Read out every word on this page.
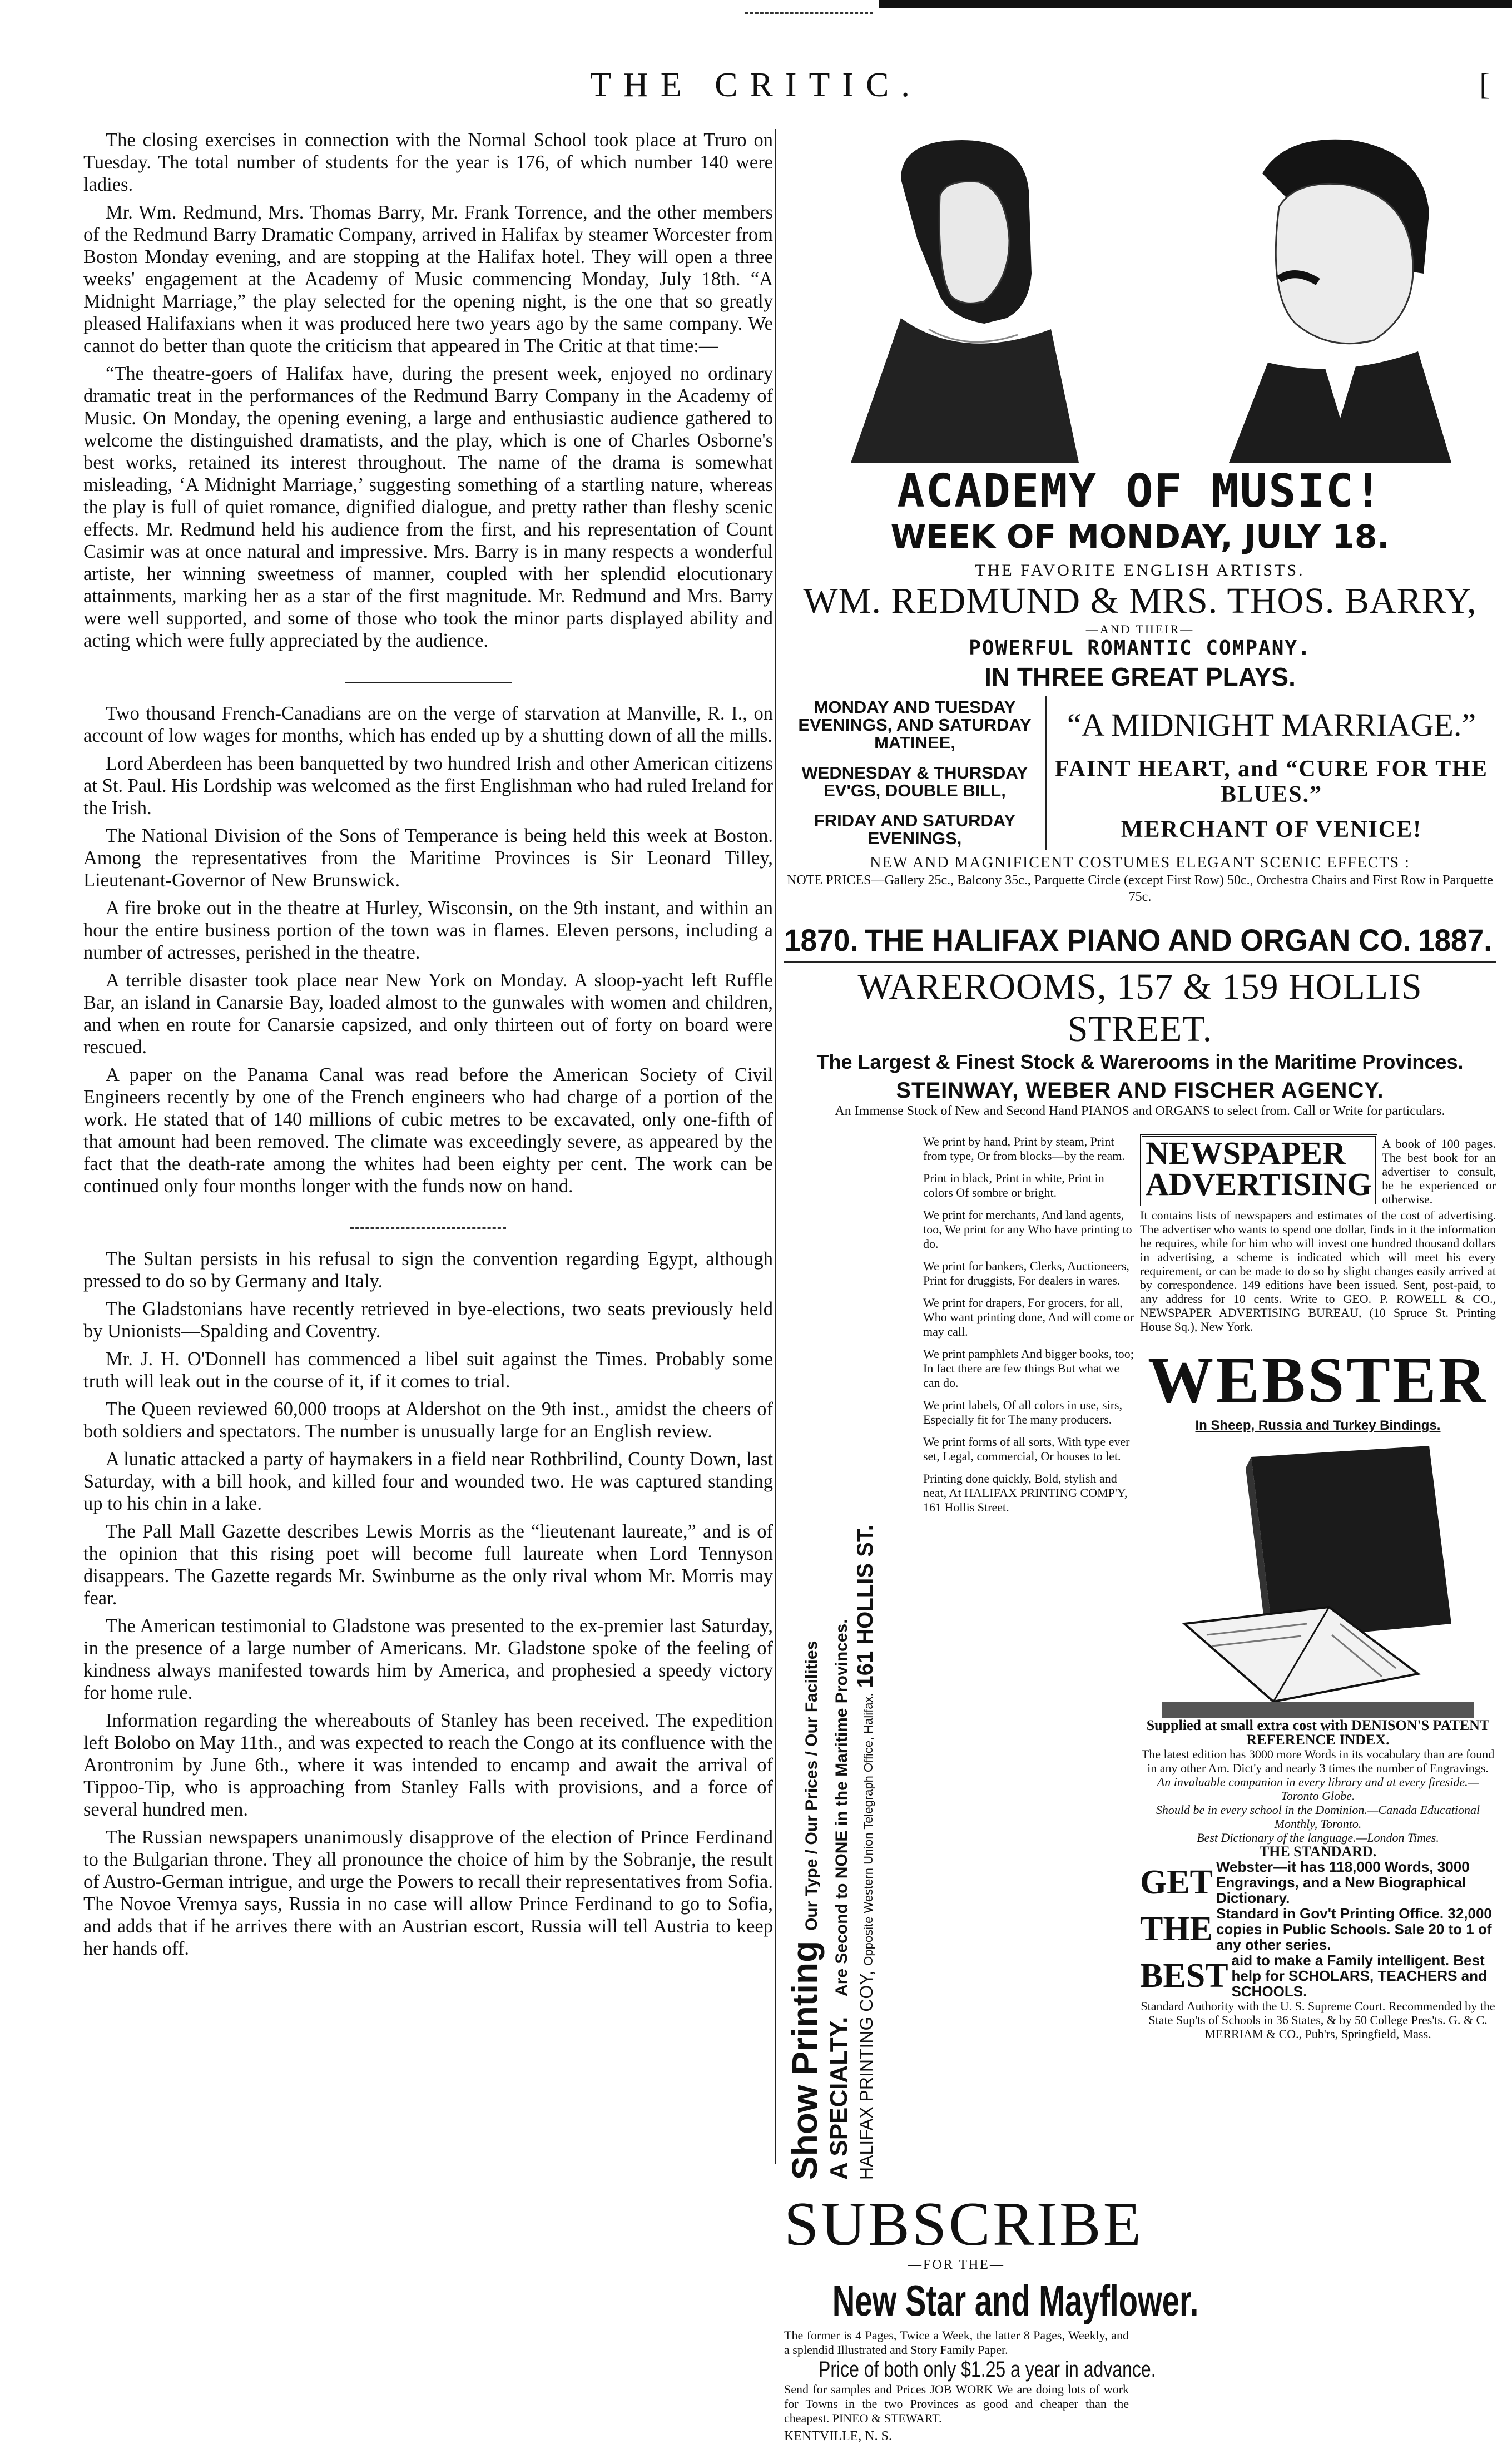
THE CRITIC.	[

The closing exercises in connection with the Normal School took place at Truro on Tuesday. The total number of students for the year is 176, of which number 140 were ladies.

Mr. Wm. Redmund, Mrs. Thomas Barry, Mr. Frank Torrence, and the other members of the Redmund Barry Dramatic Company, arrived in Halifax by steamer Worcester from Boston Monday evening, and are stopping at the Halifax hotel. They will open a three weeks' engagement at the Academy of Music commencing Monday, July 18th. “A Midnight Marriage,” the play selected for the opening night, is the one that so greatly pleased Halifaxians when it was produced here two years ago by the same company. We cannot do better than quote the criticism that appeared in The Critic at that time:—

“The theatre-goers of Halifax have, during the present week, enjoyed no ordinary dramatic treat in the performances of the Redmund Barry Company in the Academy of Music. On Monday, the opening evening, a large and enthusiastic audience gathered to welcome the distinguished dramatists, and the play, which is one of Charles Osborne's best works, retained its interest throughout. The name of the drama is somewhat misleading, ‘A Midnight Marriage,’ suggesting something of a startling nature, whereas the play is full of quiet romance, dignified dialogue, and pretty rather than fleshy scenic effects. Mr. Redmund held his audience from the first, and his representation of Count Casimir was at once natural and impressive. Mrs. Barry is in many respects a wonderful artiste, her winning sweetness of manner, coupled with her splendid elocutionary attainments, marking her as a star of the first magnitude. Mr. Redmund and Mrs. Barry were well supported, and some of those who took the minor parts displayed ability and acting which were fully appreciated by the audience.

Two thousand French-Canadians are on the verge of starvation at Manville, R. I., on account of low wages for months, which has ended up by a shutting down of all the mills.

Lord Aberdeen has been banquetted by two hundred Irish and other American citizens at St. Paul. His Lordship was welcomed as the first Englishman who had ruled Ireland for the Irish.

The National Division of the Sons of Temperance is being held this week at Boston. Among the representatives from the Maritime Provinces is Sir Leonard Tilley, Lieutenant-Governor of New Brunswick.

A fire broke out in the theatre at Hurley, Wisconsin, on the 9th instant, and within an hour the entire business portion of the town was in flames. Eleven persons, including a number of actresses, perished in the theatre.

A terrible disaster took place near New York on Monday. A sloop-yacht left Ruffle Bar, an island in Canarsie Bay, loaded almost to the gunwales with women and children, and when en route for Canarsie capsized, and only thirteen out of forty on board were rescued.

A paper on the Panama Canal was read before the American Society of Civil Engineers recently by one of the French engineers who had charge of a portion of the work. He stated that of 140 millions of cubic metres to be excavated, only one-fifth of that amount had been removed. The climate was exceedingly severe, as appeared by the fact that the death-rate among the whites had been eighty per cent. The work can be continued only four months longer with the funds now on hand.

The Sultan persists in his refusal to sign the convention regarding Egypt, although pressed to do so by Germany and Italy.

The Gladstonians have recently retrieved in bye-elections, two seats previously held by Unionists—Spalding and Coventry.

Mr. J. H. O'Donnell has commenced a libel suit against the Times. Probably some truth will leak out in the course of it, if it comes to trial.

The Queen reviewed 60,000 troops at Aldershot on the 9th inst., amidst the cheers of both soldiers and spectators. The number is unusually large for an English review.

A lunatic attacked a party of haymakers in a field near Rothbrilind, County Down, last Saturday, with a bill hook, and killed four and wounded two. He was captured standing up to his chin in a lake.

The Pall Mall Gazette describes Lewis Morris as the “lieutenant laureate,” and is of the opinion that this rising poet will become full laureate when Lord Tennyson disappears. The Gazette regards Mr. Swinburne as the only rival whom Mr. Morris may fear.

The American testimonial to Gladstone was presented to the ex-premier last Saturday, in the presence of a large number of Americans. Mr. Gladstone spoke of the feeling of kindness always manifested towards him by America, and prophesied a speedy victory for home rule.

Information regarding the whereabouts of Stanley has been received. The expedition left Bolobo on May 11th., and was expected to reach the Congo at its confluence with the Arontronim by June 6th., where it was intended to encamp and await the arrival of Tippoo-Tip, who is approaching from Stanley Falls with provisions, and a force of several hundred men.

The Russian newspapers unanimously disapprove of the election of Prince Ferdinand to the Bulgarian throne. They all pronounce the choice of him by the Sobranje, the result of Austro-German intrigue, and urge the Powers to recall their representatives from Sofia. The Novoe Vremya says, Russia in no case will allow Prince Ferdinand to go to Sofia, and adds that if he arrives there with an Austrian escort, Russia will tell Austria to keep her hands off.

ACADEMY OF MUSIC!
WEEK OF MONDAY, JULY 18.
THE FAVORITE ENGLISH ARTISTS.
WM. REDMUND & MRS. THOS. BARRY,
—AND THEIR—
POWERFUL ROMANTIC COMPANY.
IN THREE GREAT PLAYS.
MONDAY AND TUESDAY EVENINGS, AND SATURDAY MATINEE,	“A MIDNIGHT MARRIAGE.”
WEDNESDAY & THURSDAY EV'GS, DOUBLE BILL,	FAINT HEART, and “CURE FOR THE BLUES.”
FRIDAY AND SATURDAY EVENINGS,	MERCHANT OF VENICE!
NEW AND MAGNIFICENT COSTUMES ELEGANT SCENIC EFFECTS :
NOTE PRICES—Gallery 25c., Balcony 35c., Parquette Circle (except First Row) 50c., Orchestra Chairs and First Row in Parquette 75c.
1870. THE HALIFAX PIANO AND ORGAN CO. 1887.
WAREROOMS, 157 & 159 HOLLIS STREET.
The Largest & Finest Stock & Warerooms in the Maritime Provinces.
STEINWAY, WEBER AND FISCHER AGENCY.
An Immense Stock of New and Second Hand PIANOS and ORGANS to select from. Call or Write for particulars.
Show Printing Our Type / Our Prices / Our Facilities
A SPECIALTY.   Are Second to NONE in the Maritime Provinces.
HALIFAX PRINTING COY, Opposite Western Union Telegraph Office, Halifax. 161 HOLLIS ST.
We print by hand, Print by steam, Print from type, Or from blocks—by the ream.
Print in black, Print in white, Print in colors Of sombre or bright.
We print for merchants, And land agents, too, We print for any Who have printing to do.
We print for bankers, Clerks, Auctioneers, Print for druggists, For dealers in wares.
We print for drapers, For grocers, for all, Who want printing done, And will come or may call.
We print pamphlets And bigger books, too; In fact there are few things But what we can do.
We print labels, Of all colors in use, sirs, Especially fit for The many producers.
We print forms of all sorts, With type ever set, Legal, commercial, Or houses to let.
Printing done quickly, Bold, stylish and neat, At HALIFAX PRINTING COMP'Y, 161 Hollis Street.
NEWSPAPER
ADVERTISING
A book of 100 pages. The best book for an advertiser to consult, be he experienced or otherwise.
It contains lists of newspapers and estimates of the cost of advertising. The advertiser who wants to spend one dollar, finds in it the information he requires, while for him who will invest one hundred thousand dollars in advertising, a scheme is indicated which will meet his every requirement, or can be made to do so by slight changes easily arrived at by correspondence. 149 editions have been issued. Sent, post-paid, to any address for 10 cents. Write to GEO. P. ROWELL & CO., NEWSPAPER ADVERTISING BUREAU, (10 Spruce St. Printing House Sq.), New York.
WEBSTER
In Sheep, Russia and Turkey Bindings.
Supplied at small extra cost with DENISON'S PATENT REFERENCE INDEX.
The latest edition has 3000 more Words in its vocabulary than are found in any other Am. Dict'y and nearly 3 times the number of Engravings.
An invaluable companion in every library and at every fireside.—Toronto Globe.
Should be in every school in the Dominion.—Canada Educational Monthly, Toronto.
Best Dictionary of the language.—London Times.
THE STANDARD.
GET Webster—it has 118,000 Words, 3000 Engravings, and a New Biographical Dictionary.
THE Standard in Gov't Printing Office. 32,000 copies in Public Schools. Sale 20 to 1 of any other series.
BEST aid to make a Family intelligent. Best help for SCHOLARS, TEACHERS and SCHOOLS.
Standard Authority with the U. S. Supreme Court. Recommended by the State Sup'ts of Schools in 36 States, & by 50 College Pres'ts. G. & C. MERRIAM & CO., Pub'rs, Springfield, Mass.
SUBSCRIBE
—FOR THE—
New Star and Mayflower.
The former is 4 Pages, Twice a Week, the latter 8 Pages, Weekly, and a splendid Illustrated and Story Family Paper.
Price of both only $1.25 a year in advance.
Send for samples and Prices JOB WORK We are doing lots of work for Towns in the two Provinces as good and cheaper than the cheapest. PINEO & STEWART.
KENTVILLE, N. S.
